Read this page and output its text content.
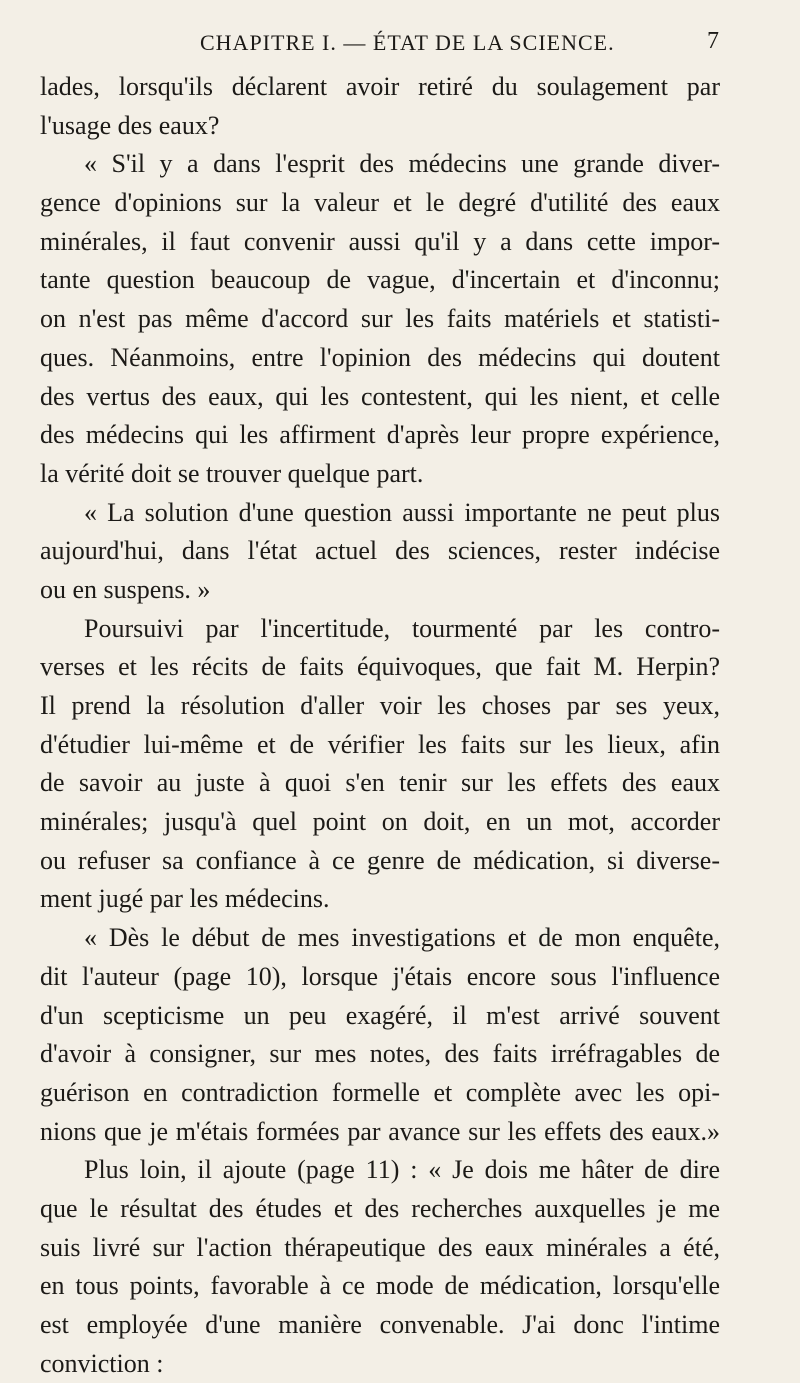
CHAPITRE I. — ÉTAT DE LA SCIENCE.	7
lades, lorsqu'ils déclarent avoir retiré du soulagement par
l'usage des eaux?
« S'il y a dans l'esprit des médecins une grande diver-
gence d'opinions sur la valeur et le degré d'utilité des eaux
minérales, il faut convenir aussi qu'il y a dans cette impor-
tante question beaucoup de vague, d'incertain et d'inconnu;
on n'est pas même d'accord sur les faits matériels et statisti-
ques. Néanmoins, entre l'opinion des médecins qui doutent
des vertus des eaux, qui les contestent, qui les nient, et celle
des médecins qui les affirment d'après leur propre expérience,
la vérité doit se trouver quelque part.
« La solution d'une question aussi importante ne peut plus
aujourd'hui, dans l'état actuel des sciences, rester indécise
ou en suspens. »
Poursuivi par l'incertitude, tourmenté par les contro-
verses et les récits de faits équivoques, que fait M. Herpin?
Il prend la résolution d'aller voir les choses par ses yeux,
d'étudier lui-même et de vérifier les faits sur les lieux, afin
de savoir au juste à quoi s'en tenir sur les effets des eaux
minérales; jusqu'à quel point on doit, en un mot, accorder
ou refuser sa confiance à ce genre de médication, si diverse-
ment jugé par les médecins.
« Dès le début de mes investigations et de mon enquête,
dit l'auteur (page 10), lorsque j'étais encore sous l'influence
d'un scepticisme un peu exagéré, il m'est arrivé souvent
d'avoir à consigner, sur mes notes, des faits irréfragables de
guérison en contradiction formelle et complète avec les opi-
nions que je m'étais formées par avance sur les effets des eaux.»
Plus loin, il ajoute (page 11) : « Je dois me hâter de dire
que le résultat des études et des recherches auxquelles je me
suis livré sur l'action thérapeutique des eaux minérales a été,
en tous points, favorable à ce mode de médication, lorsqu'elle
est employée d'une manière convenable. J'ai donc l'intime
conviction :
